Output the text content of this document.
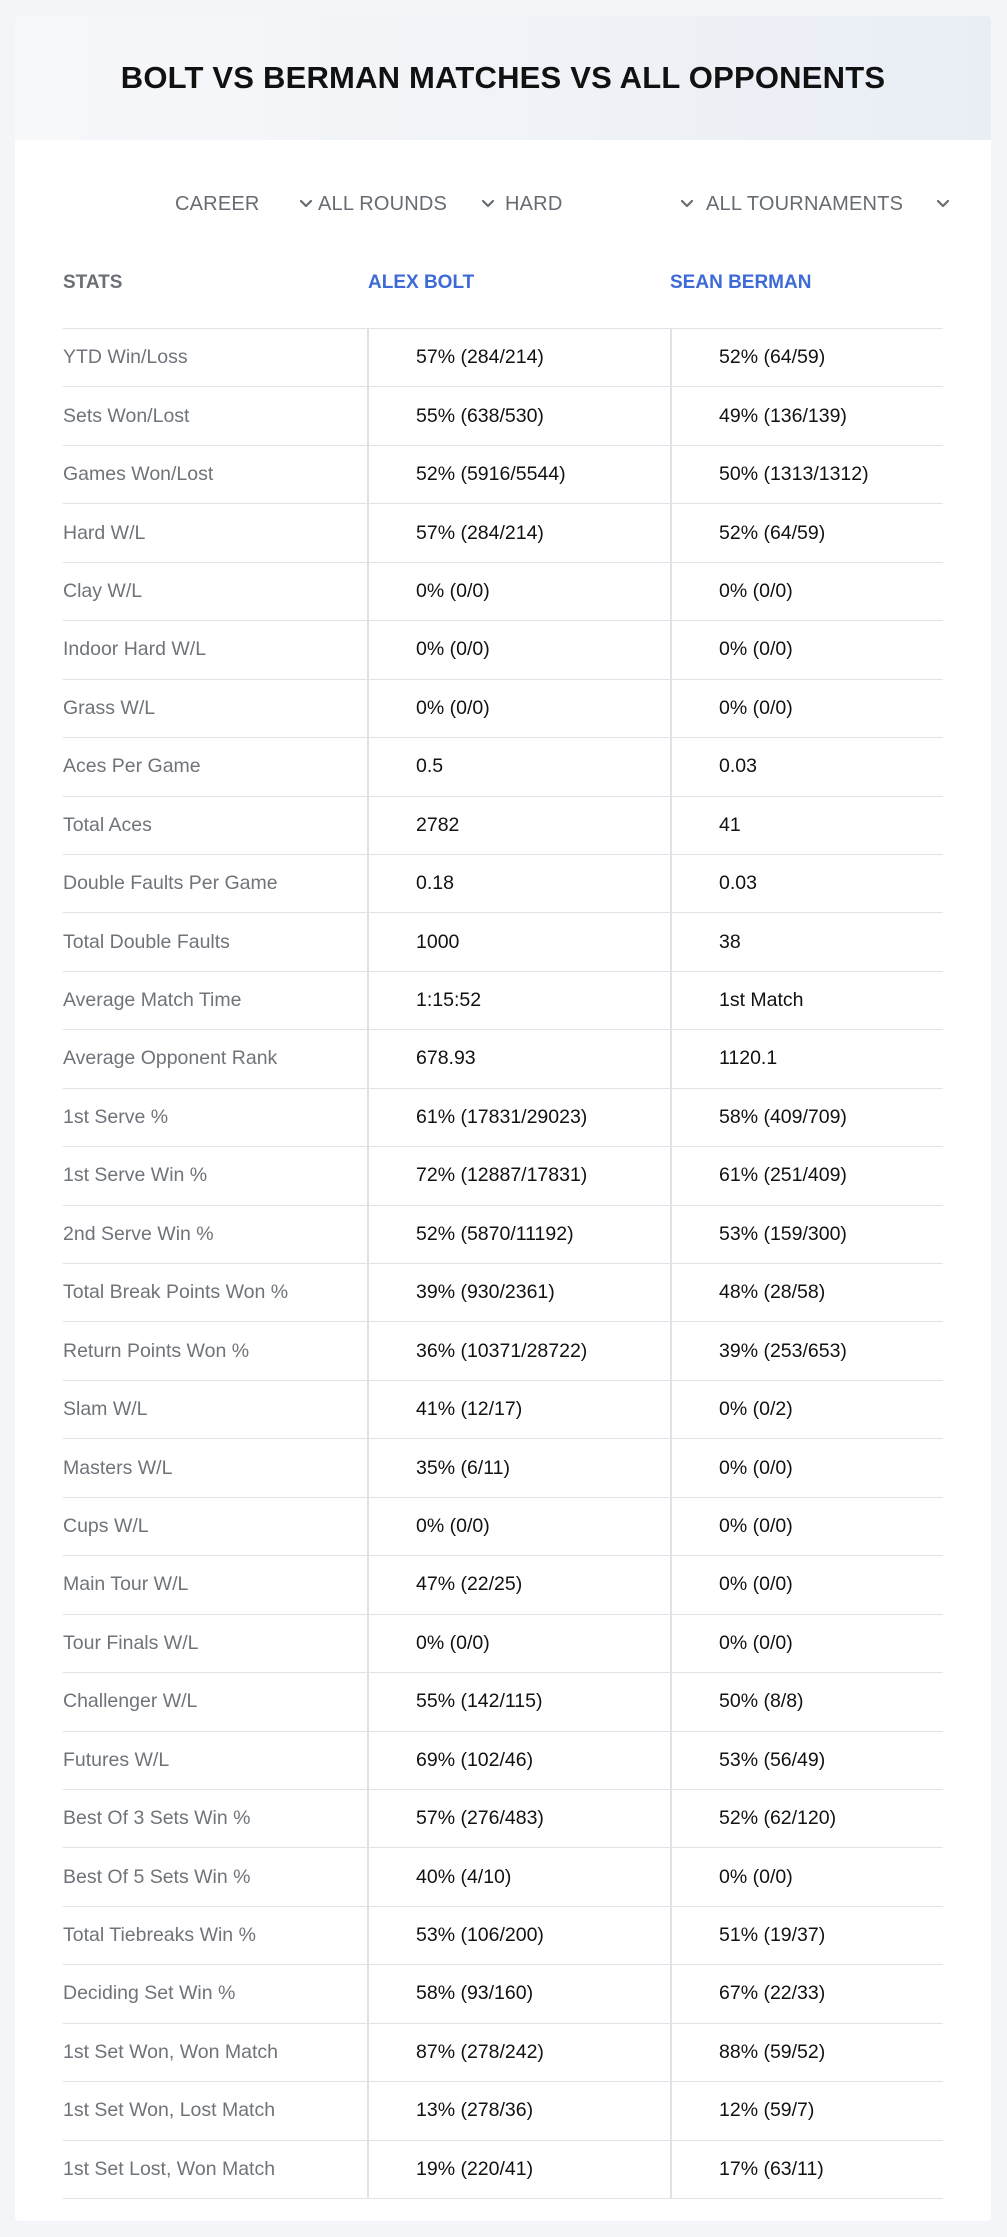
BOLT VS BERMAN MATCHES VS ALL OPPONENTS
CAREER	ALL ROUNDS	HARD	ALL TOURNAMENTS
STATS	ALEX BOLT	SEAN BERMAN
YTD Win/Loss	57% (284/214)	52% (64/59)
Sets Won/Lost	55% (638/530)	49% (136/139)
Games Won/Lost	52% (5916/5544)	50% (1313/1312)
Hard W/L	57% (284/214)	52% (64/59)
Clay W/L	0% (0/0)	0% (0/0)
Indoor Hard W/L	0% (0/0)	0% (0/0)
Grass W/L	0% (0/0)	0% (0/0)
Aces Per Game	0.5	0.03
Total Aces	2782	41
Double Faults Per Game	0.18	0.03
Total Double Faults	1000	38
Average Match Time	1:15:52	1st Match
Average Opponent Rank	678.93	1120.1
1st Serve %	61% (17831/29023)	58% (409/709)
1st Serve Win %	72% (12887/17831)	61% (251/409)
2nd Serve Win %	52% (5870/11192)	53% (159/300)
Total Break Points Won %	39% (930/2361)	48% (28/58)
Return Points Won %	36% (10371/28722)	39% (253/653)
Slam W/L	41% (12/17)	0% (0/2)
Masters W/L	35% (6/11)	0% (0/0)
Cups W/L	0% (0/0)	0% (0/0)
Main Tour W/L	47% (22/25)	0% (0/0)
Tour Finals W/L	0% (0/0)	0% (0/0)
Challenger W/L	55% (142/115)	50% (8/8)
Futures W/L	69% (102/46)	53% (56/49)
Best Of 3 Sets Win %	57% (276/483)	52% (62/120)
Best Of 5 Sets Win %	40% (4/10)	0% (0/0)
Total Tiebreaks Win %	53% (106/200)	51% (19/37)
Deciding Set Win %	58% (93/160)	67% (22/33)
1st Set Won, Won Match	87% (278/242)	88% (59/52)
1st Set Won, Lost Match	13% (278/36)	12% (59/7)
1st Set Lost, Won Match	19% (220/41)	17% (63/11)
